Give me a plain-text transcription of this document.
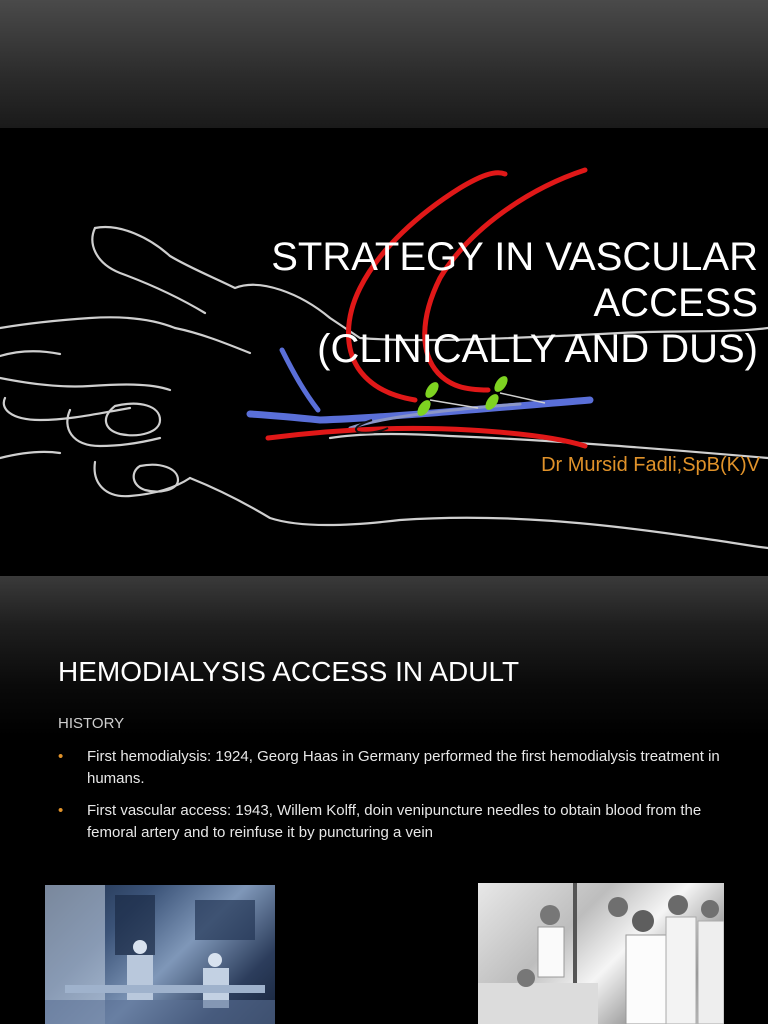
STRATEGY IN VASCULAR ACCESS
(CLINICALLY AND DUS)
Dr Mursid Fadli,SpB(K)V
HEMODIALYSIS ACCESS IN ADULT
HISTORY
• First hemodialysis: 1924, Georg Haas in Germany performed the first hemodialysis treatment in humans.
• First vascular access: 1943, Willem Kolff, doin venipuncture needles to obtain blood from the femoral artery and to reinfuse it by puncturing a vein
